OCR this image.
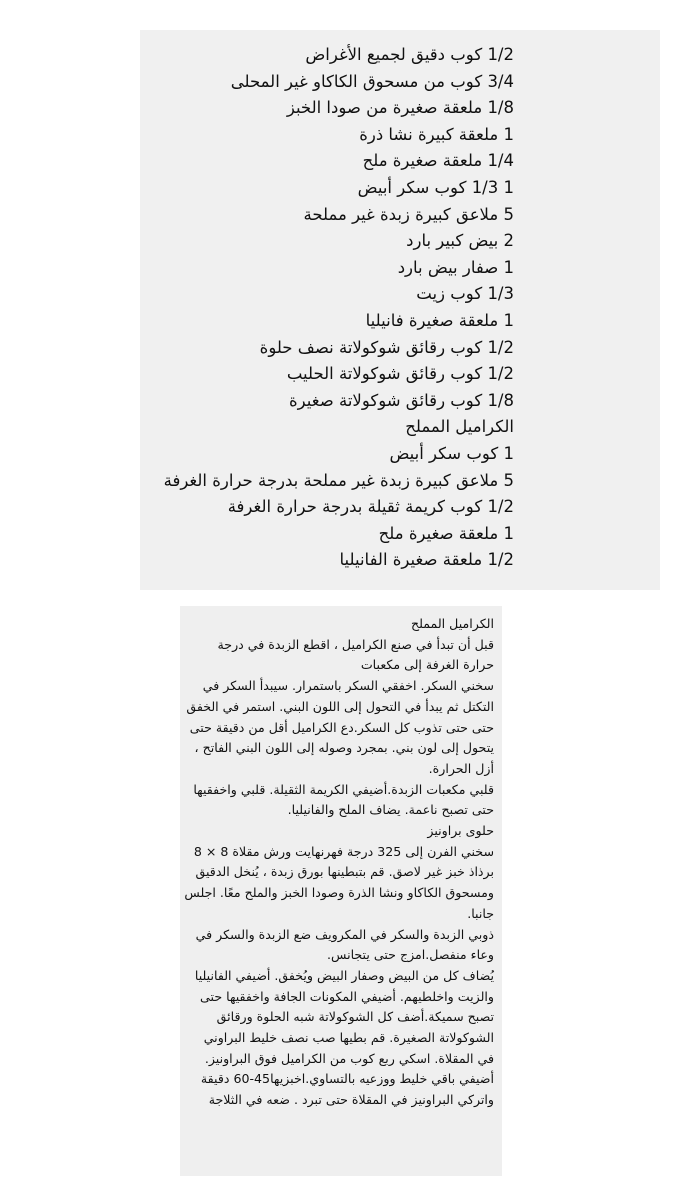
1/2 كوب دقيق لجميع الأغراض
3/4 كوب من مسحوق الكاكاو غير المحلى
1/8 ملعقة صغيرة من صودا الخبز
1 ملعقة كبيرة نشا ذرة
1/4 ملعقة صغيرة ملح
1 1/3 كوب سكر أبيض
5 ملاعق كبيرة زبدة غير مملحة
2 بيض كبير بارد
1 صفار بيض بارد
1/3 كوب زيت
1 ملعقة صغيرة فانيليا
1/2 كوب رقائق شوكولاتة نصف حلوة
1/2 كوب رقائق شوكولاتة الحليب
1/8 كوب رقائق شوكولاتة صغيرة
الكراميل المملح
1 كوب سكر أبيض
5 ملاعق كبيرة زبدة غير مملحة بدرجة حرارة الغرفة
1/2 كوب كريمة ثقيلة بدرجة حرارة الغرفة
1 ملعقة صغيرة ملح
1/2 ملعقة صغيرة الفانيليا
الكراميل المملح

قبل أن تبدأ في صنع الكراميل ، اقطع الزبدة في درجة حرارة الغرفة إلى مكعبات

سخني السكر. اخفقي السكر باستمرار. سيبدأ السكر في التكتل ثم يبدأ في التحول إلى اللون البني. استمر في الخفق حتى حتى تذوب كل السكر.دع الكراميل أقل من دقيقة حتى يتحول إلى لون بني. بمجرد وصوله إلى اللون البني الفاتح ، أزل الحرارة.

قلبي مكعبات الزبدة.أضيفي الكريمة الثقيلة. قلبي واخفقيها حتى تصبح ناعمة. يضاف الملح والفانيليا.

حلوى براونيز

سخني الفرن إلى 325 درجة فهرنهايت ورش مقلاة 8 × 8 برذاذ خبز غير لاصق. قم بتبطينها بورق زبدة ، يُنخل الدقيق ومسحوق الكاكاو ونشا الذرة وصودا الخبز والملح معًا. اجلس جانبا.

ذوبي الزبدة والسكر في المكرويف ضع الزبدة والسكر في وعاء منفصل.امزج حتى يتجانس.

يُضاف كل من البيض وصفار البيض ويُخفق. أضيفي الفانيليا والزيت واخلطيهم. أضيفي المكونات الجافة واخفقيها حتى تصبح سميكة.أضف كل الشوكولاتة شبه الحلوة ورقائق الشوكولاتة الصغيرة. قم بطيها صب نصف خليط البراوني في المقلاة. اسكي ربع كوب من الكراميل فوق البراونيز. أضيفي باقي خليط ووزعيه بالتساوي.اخبزيها45-60 دقيقة واتركي البراونيز في المقلاة حتى تبرد . ضعه في الثلاجة
